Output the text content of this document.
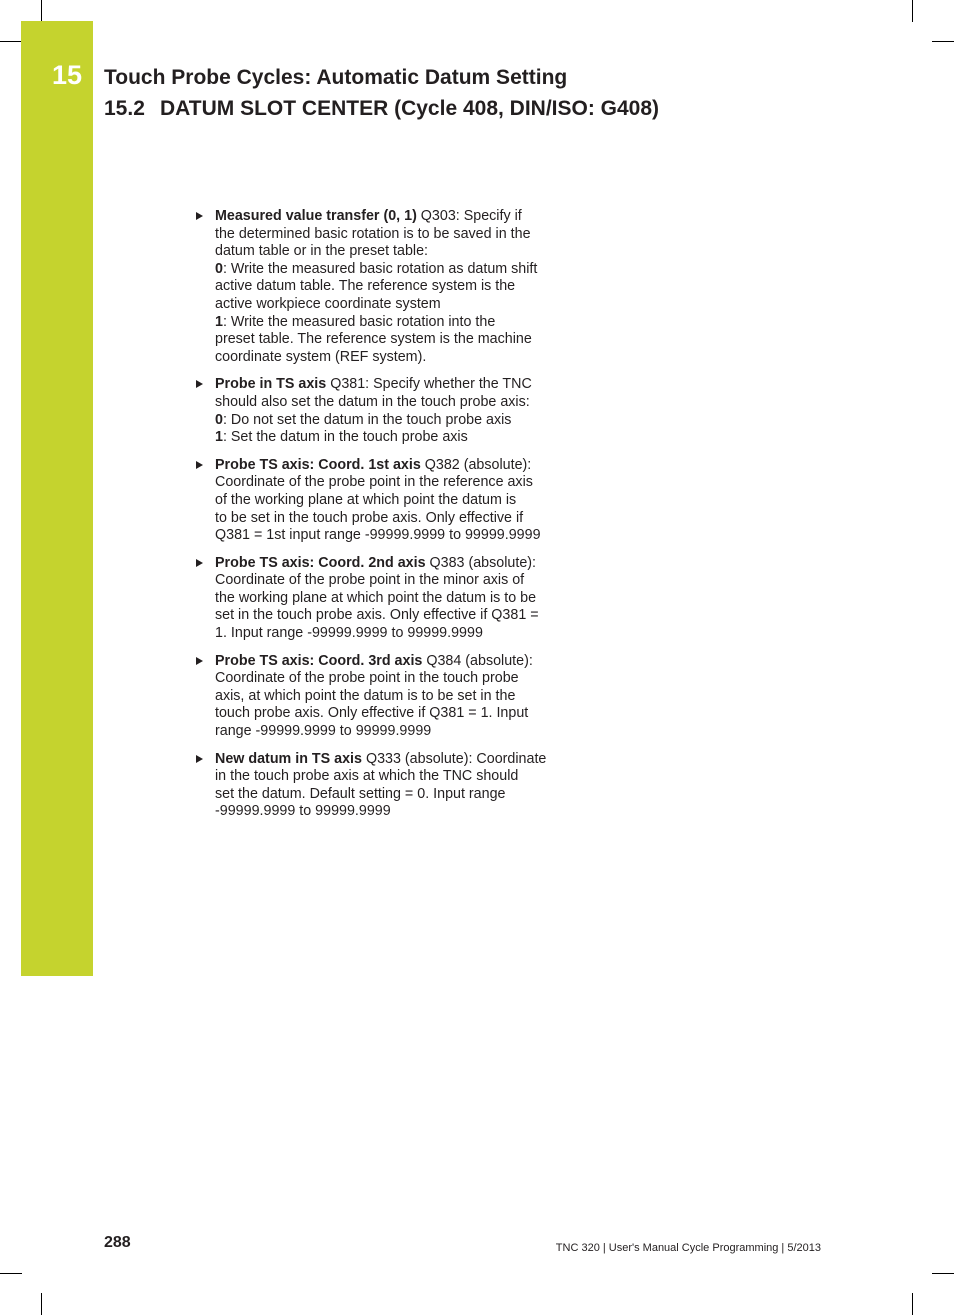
15 Touch Probe Cycles: Automatic Datum Setting
15.2 DATUM SLOT CENTER (Cycle 408, DIN/ISO: G408)
Measured value transfer (0, 1) Q303: Specify if
the determined basic rotation is to be saved in the
datum table or in the preset table:
0: Write the measured basic rotation as datum shift
active datum table. The reference system is the
active workpiece coordinate system
1: Write the measured basic rotation into the
preset table. The reference system is the machine
coordinate system (REF system).
Probe in TS axis Q381: Specify whether the TNC
should also set the datum in the touch probe axis:
0: Do not set the datum in the touch probe axis
1: Set the datum in the touch probe axis
Probe TS axis: Coord. 1st axis Q382 (absolute):
Coordinate of the probe point in the reference axis
of the working plane at which point the datum is
to be set in the touch probe axis. Only effective if
Q381 = 1st input range -99999.9999 to 99999.9999
Probe TS axis: Coord. 2nd axis Q383 (absolute):
Coordinate of the probe point in the minor axis of
the working plane at which point the datum is to be
set in the touch probe axis. Only effective if Q381 =
1. Input range -99999.9999 to 99999.9999
Probe TS axis: Coord. 3rd axis Q384 (absolute):
Coordinate of the probe point in the touch probe
axis, at which point the datum is to be set in the
touch probe axis. Only effective if Q381 = 1. Input
range -99999.9999 to 99999.9999
New datum in TS axis Q333 (absolute): Coordinate
in the touch probe axis at which the TNC should
set the datum. Default setting = 0. Input range
-99999.9999 to 99999.9999
288	TNC 320 | User's Manual Cycle Programming | 5/2013
